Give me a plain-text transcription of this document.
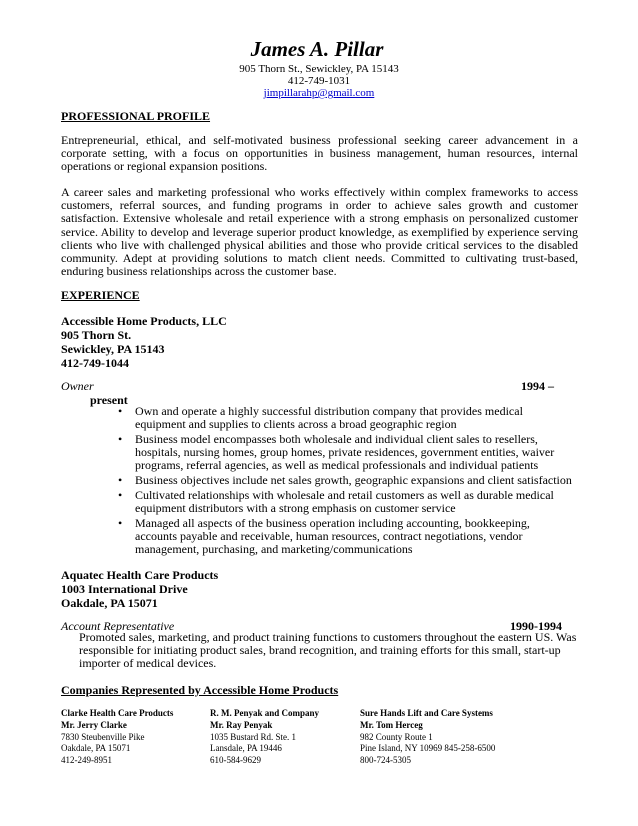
James A. Pillar
905 Thorn St., Sewickley, PA 15143
412-749-1031
jimpillarahp@gmail.com
PROFESSIONAL PROFILE
Entrepreneurial, ethical, and self-motivated business professional seeking career advancement in a corporate setting, with a focus on opportunities in business management, human resources, internal operations or regional expansion positions.
A career sales and marketing professional who works effectively within complex frameworks to access customers, referral sources, and funding programs in order to achieve sales growth and customer satisfaction. Extensive wholesale and retail experience with a strong emphasis on personalized customer service. Ability to develop and leverage superior product knowledge, as exemplified by experience serving clients who live with challenged physical abilities and those who provide critical services to the disabled community. Adept at providing solutions to match client needs. Committed to cultivating trust-based, enduring business relationships across the customer base.
EXPERIENCE
Accessible Home Products, LLC
905 Thorn St.
Sewickley, PA 15143
412-749-1044
Owner	1994 –
present
• Own and operate a highly successful distribution company that provides medical equipment and supplies to clients across a broad geographic region
• Business model encompasses both wholesale and individual client sales to resellers, hospitals, nursing homes, group homes, private residences, government entities, waiver programs, referral agencies, as well as medical professionals and individual patients
• Business objectives include net sales growth, geographic expansions and client satisfaction
• Cultivated relationships with wholesale and retail customers as well as durable medical equipment distributors with a strong emphasis on customer service
• Managed all aspects of the business operation including accounting, bookkeeping, accounts payable and receivable, human resources, contract negotiations, vendor management, purchasing, and marketing/communications
Aquatec Health Care Products
1003 International Drive
Oakdale, PA 15071
Account Representative	1990-1994
Promoted sales, marketing, and product training functions to customers throughout the eastern US. Was responsible for initiating product sales, brand recognition, and training efforts for this small, start-up importer of medical devices.
Companies Represented by Accessible Home Products
Clarke Health Care Products
Mr. Jerry Clarke
7830 Steubenville Pike
Oakdale, PA 15071
412-249-8951
R. M. Penyak and Company
Mr. Ray Penyak
1035 Bustard Rd. Ste. 1
Lansdale, PA 19446
610-584-9629
Sure Hands Lift and Care Systems
Mr. Tom Herceg
982 County Route 1
Pine Island, NY 10969 845-258-6500
800-724-5305
